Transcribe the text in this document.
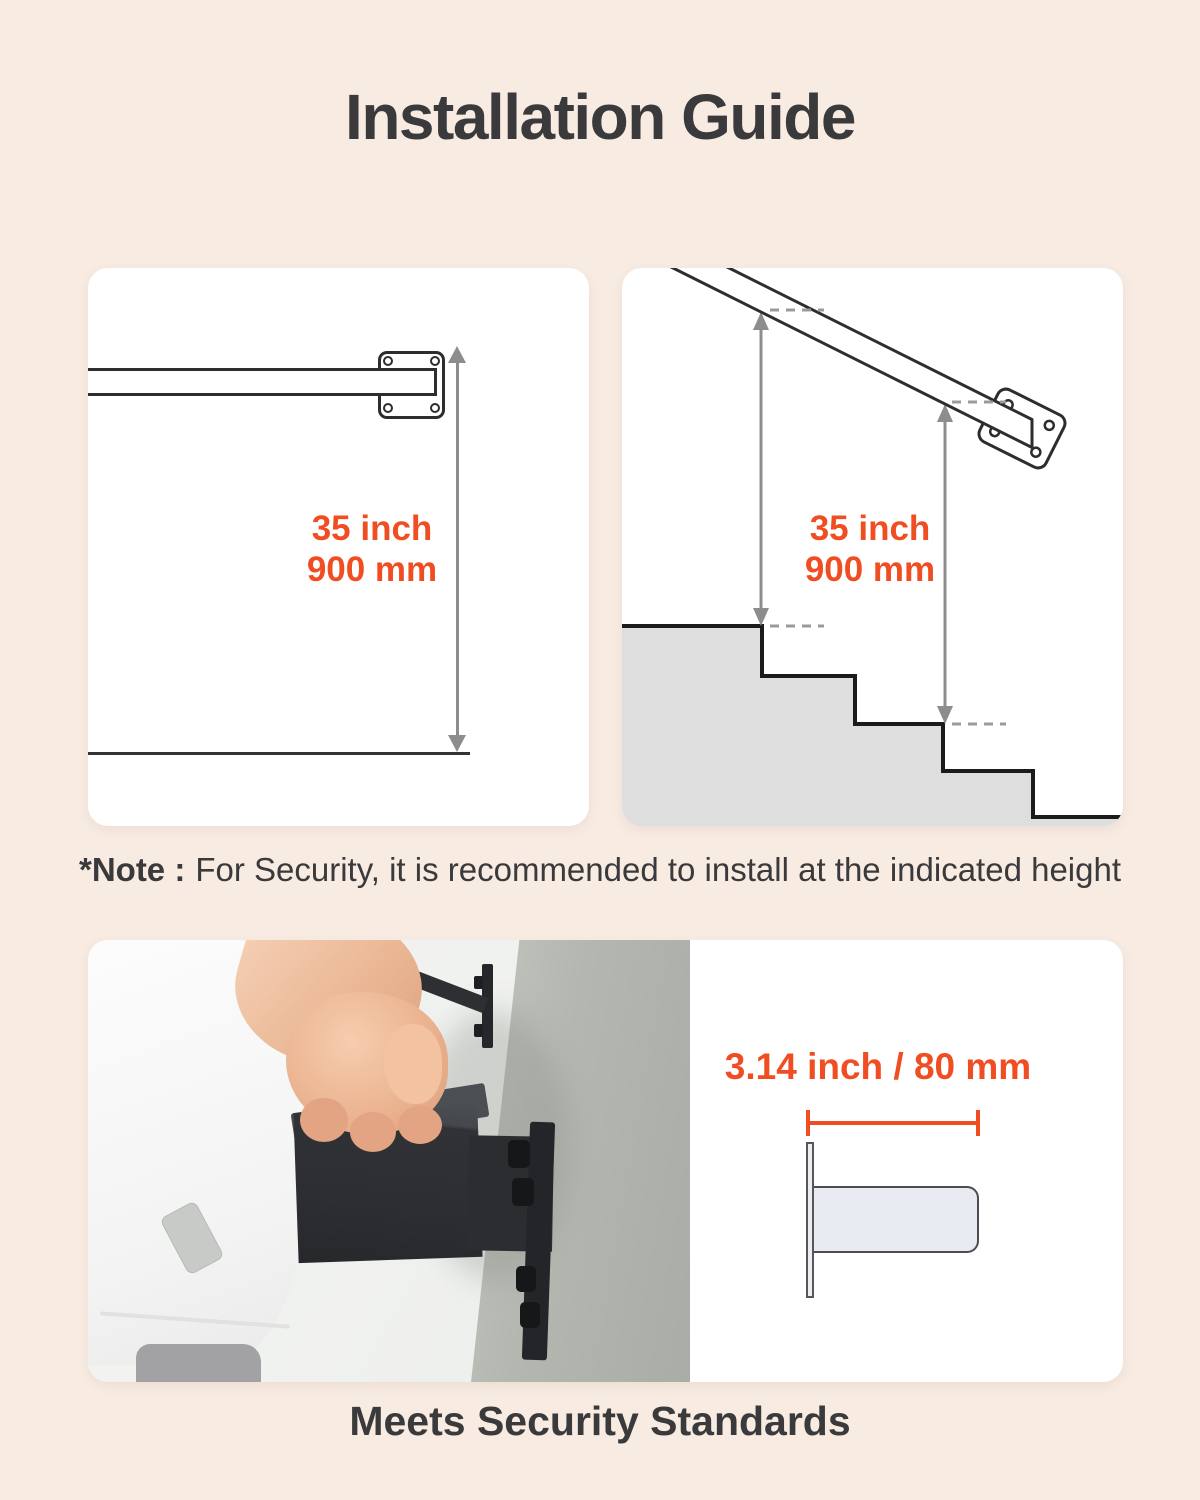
Installation Guide
35 inch
900 mm
35 inch
900 mm
*Note : For Security, it is recommended to install at the indicated height
3.14 inch / 80 mm
Meets Security Standards
